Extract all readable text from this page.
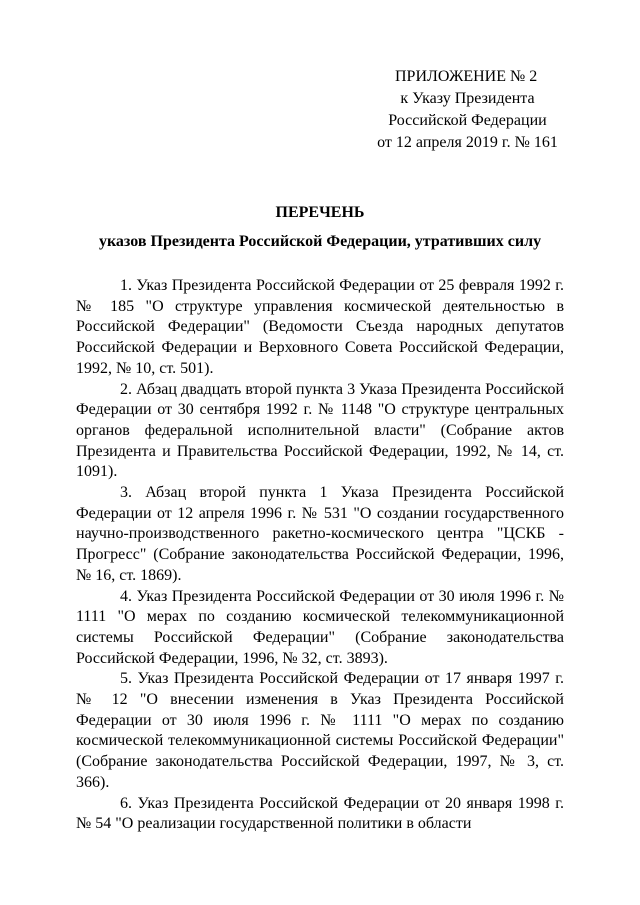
ПРИЛОЖЕНИЕ № 2
к Указу Президента
Российской Федерации
от 12 апреля 2019 г. № 161
ПЕРЕЧЕНЬ
указов Президента Российской Федерации, утративших силу

1. Указ Президента Российской Федерации от 25 февраля 1992 г. № 185 "О структуре управления космической деятельностью в Российской Федерации" (Ведомости Съезда народных депутатов Российской Федерации и Верховного Совета Российской Федерации, 1992, № 10, ст. 501).

2. Абзац двадцать второй пункта 3 Указа Президента Российской Федерации от 30 сентября 1992 г. № 1148 "О структуре центральных органов федеральной исполнительной власти" (Собрание актов Президента и Правительства Российской Федерации, 1992, № 14, ст. 1091).

3. Абзац второй пункта 1 Указа Президента Российской Федерации от 12 апреля 1996 г. № 531 "О создании государственного научно-производственного ракетно-космического центра "ЦСКБ - Прогресс" (Собрание законодательства Российской Федерации, 1996, № 16, ст. 1869).

4. Указ Президента Российской Федерации от 30 июля 1996 г. № 1111 "О мерах по созданию космической телекоммуникационной системы Российской Федерации" (Собрание законодательства Российской Федерации, 1996, № 32, ст. 3893).

5. Указ Президента Российской Федерации от 17 января 1997 г. № 12 "О внесении изменения в Указ Президента Российской Федерации от 30 июля 1996 г. № 1111 "О мерах по созданию космической телекоммуникационной системы Российской Федерации" (Собрание законодательства Российской Федерации, 1997, № 3, ст. 366).

6. Указ Президента Российской Федерации от 20 января 1998 г. № 54 "О реализации государственной политики в области
